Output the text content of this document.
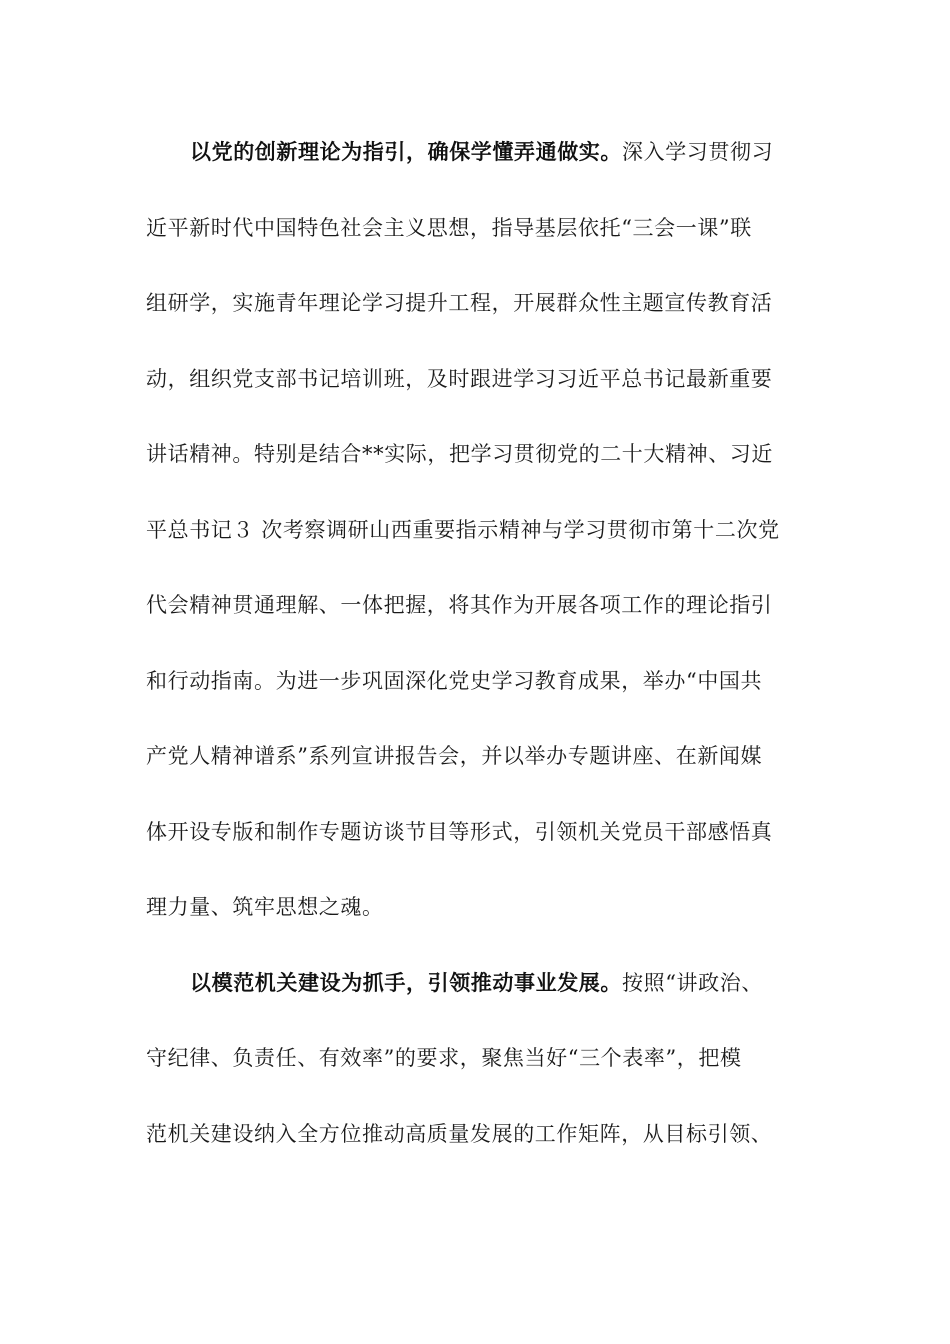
以党的创新理论为指引，确保学懂弄通做实。深入学习贯彻习
近平新时代中国特色社会主义思想，指导基层依托“三会一课”联
组研学，实施青年理论学习提升工程，开展群众性主题宣传教育活
动，组织党支部书记培训班，及时跟进学习习近平总书记最新重要
讲话精神。特别是结合**实际，把学习贯彻党的二十大精神、习近
平总书记３ 次考察调研山西重要指示精神与学习贯彻市第十二次党
代会精神贯通理解、一体把握，将其作为开展各项工作的理论指引
和行动指南。为进一步巩固深化党史学习教育成果，举办“中国共
产党人精神谱系”系列宣讲报告会，并以举办专题讲座、在新闻媒
体开设专版和制作专题访谈节目等形式，引领机关党员干部感悟真
理力量、筑牢思想之魂。
以模范机关建设为抓手，引领推动事业发展。按照“讲政治、
守纪律、负责任、有效率”的要求，聚焦当好“三个表率”，把模
范机关建设纳入全方位推动高质量发展的工作矩阵，从目标引领、
